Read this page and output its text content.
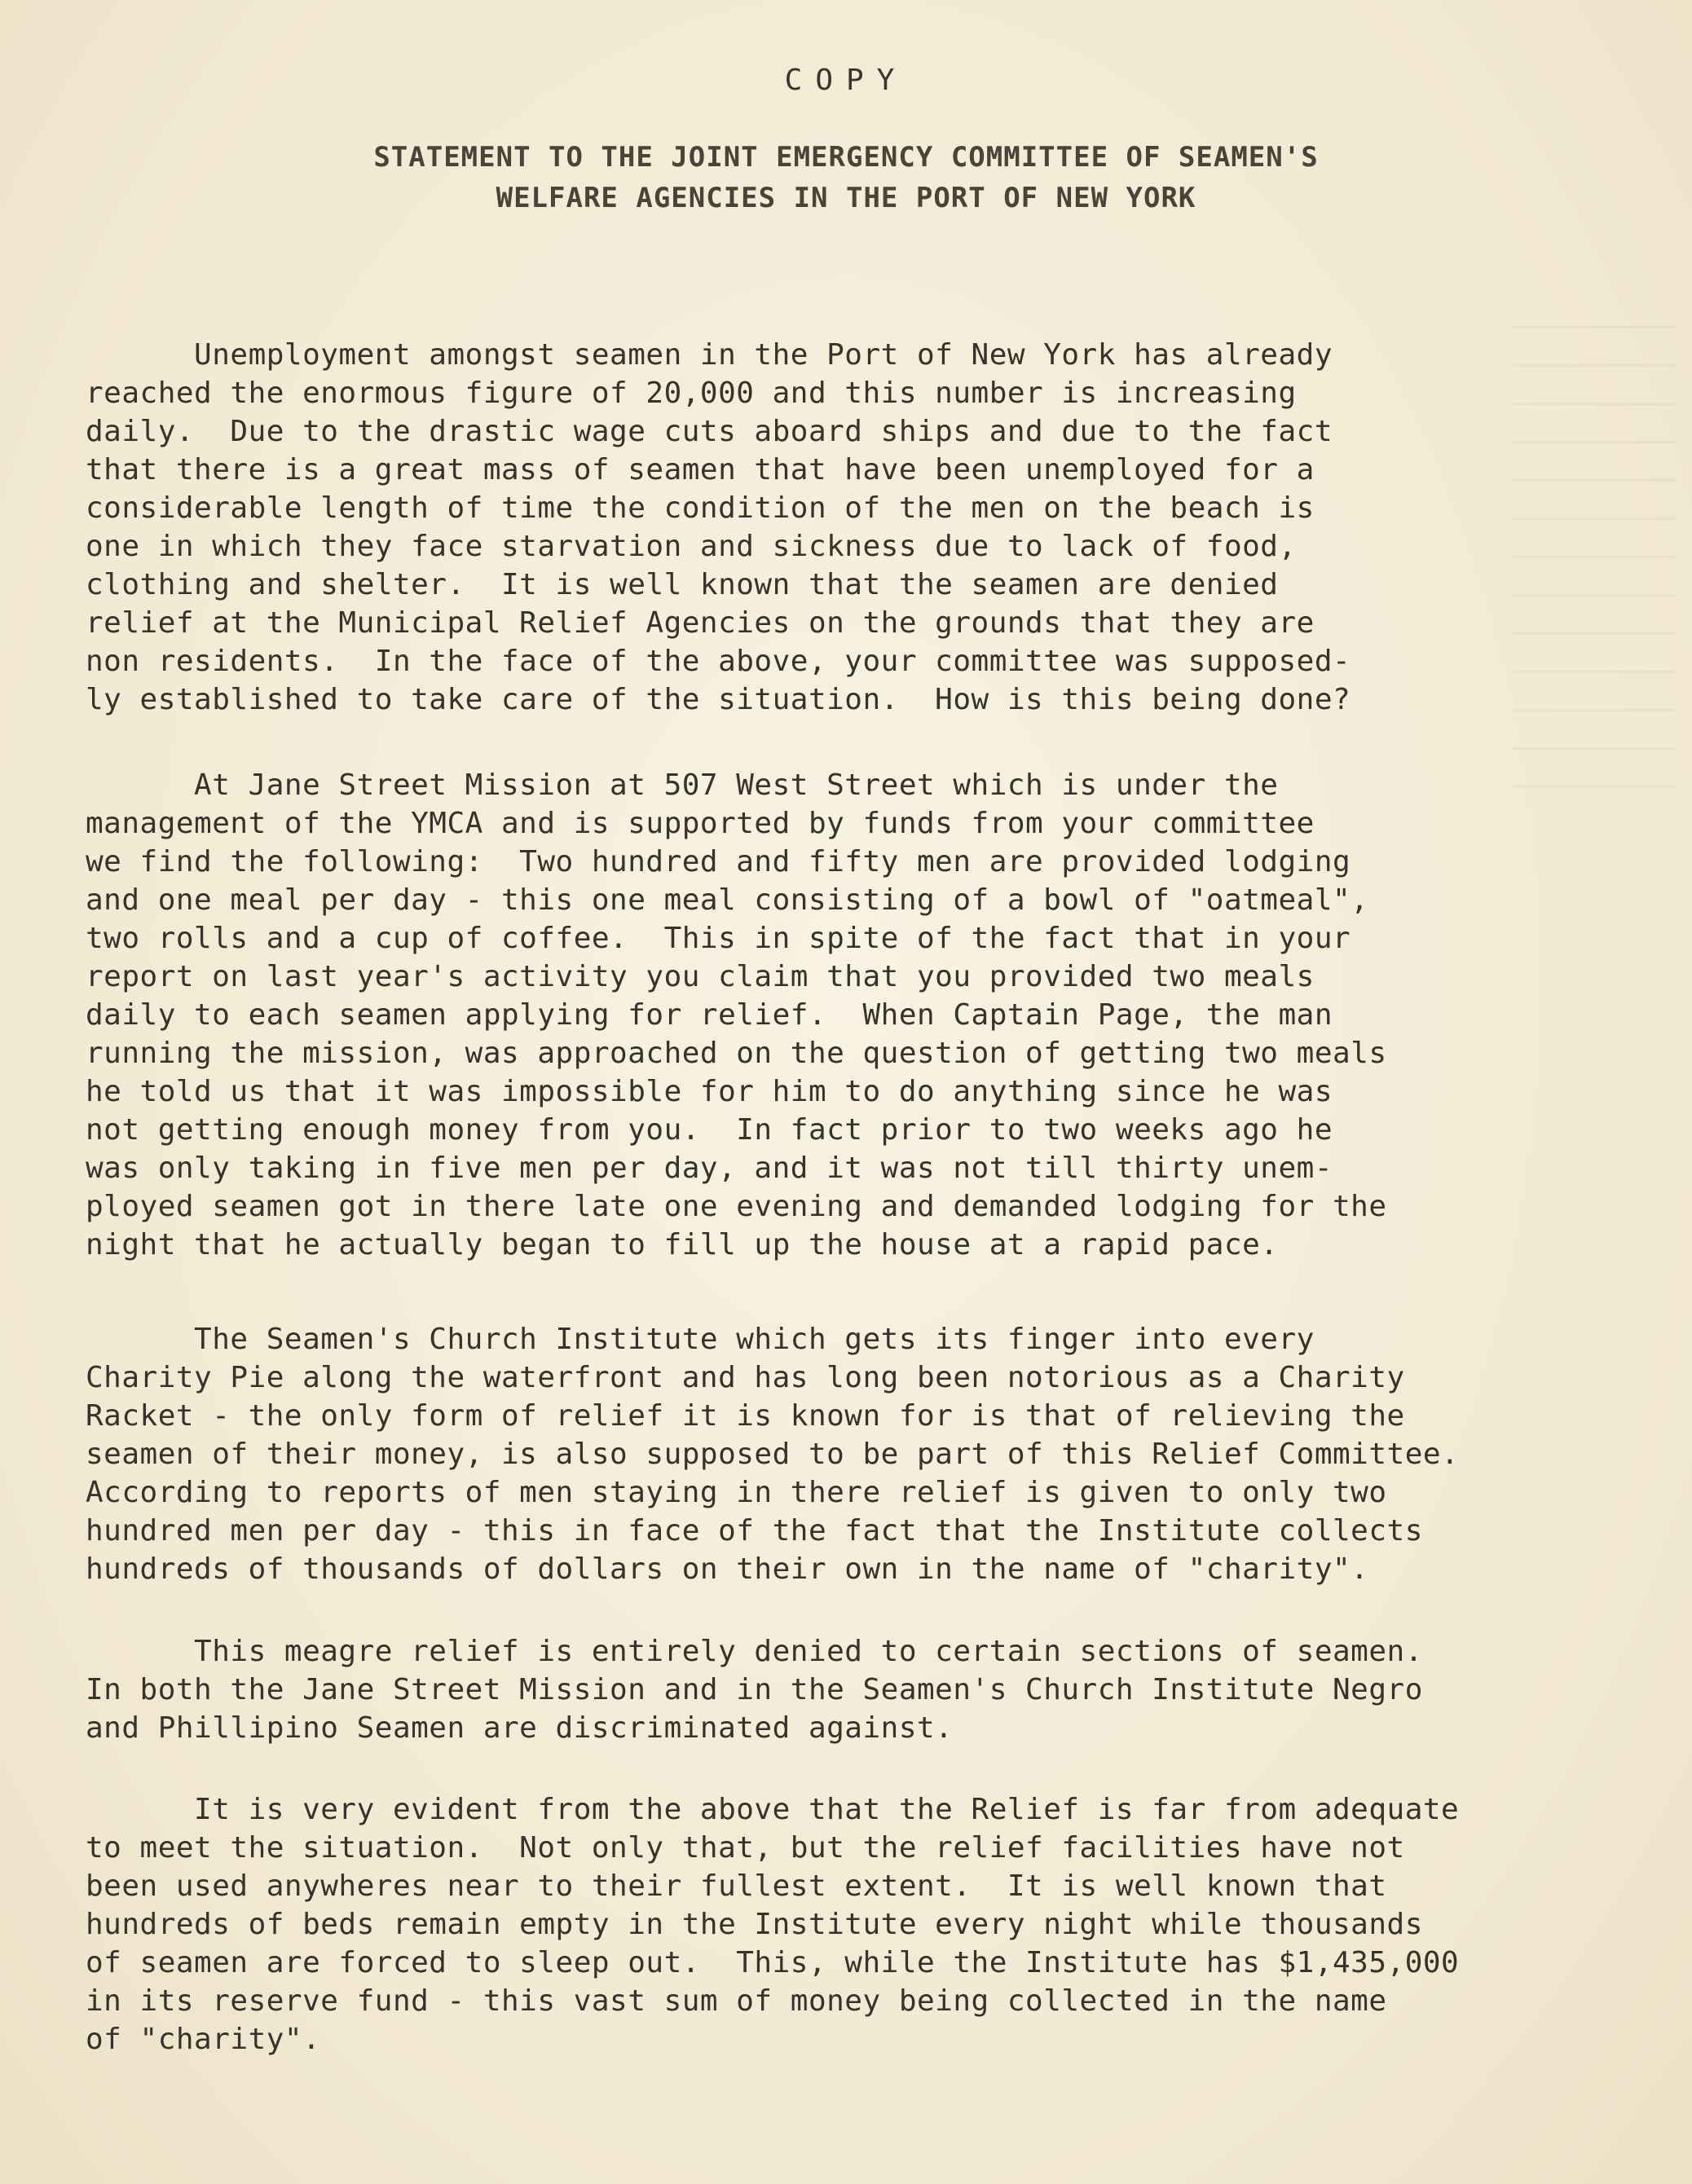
COPY
STATEMENT TO THE JOINT EMERGENCY COMMITTEE OF SEAMEN'S
WELFARE AGENCIES IN THE PORT OF NEW YORK
Unemployment amongst seamen in the Port of New York has already
reached the enormous figure of 20,000 and this number is increasing
daily.  Due to the drastic wage cuts aboard ships and due to the fact
that there is a great mass of seamen that have been unemployed for a
considerable length of time the condition of the men on the beach is
one in which they face starvation and sickness due to lack of food,
clothing and shelter.  It is well known that the seamen are denied
relief at the Municipal Relief Agencies on the grounds that they are
non residents.  In the face of the above, your committee was supposed-
ly established to take care of the situation.  How is this being done?
At Jane Street Mission at 507 West Street which is under the
management of the YMCA and is supported by funds from your committee
we find the following:  Two hundred and fifty men are provided lodging
and one meal per day - this one meal consisting of a bowl of "oatmeal",
two rolls and a cup of coffee.  This in spite of the fact that in your
report on last year's activity you claim that you provided two meals
daily to each seamen applying for relief.  When Captain Page, the man
running the mission, was approached on the question of getting two meals
he told us that it was impossible for him to do anything since he was
not getting enough money from you.  In fact prior to two weeks ago he
was only taking in five men per day, and it was not till thirty unem-
ployed seamen got in there late one evening and demanded lodging for the
night that he actually began to fill up the house at a rapid pace.
The Seamen's Church Institute which gets its finger into every
Charity Pie along the waterfront and has long been notorious as a Charity
Racket - the only form of relief it is known for is that of relieving the
seamen of their money, is also supposed to be part of this Relief Committee.
According to reports of men staying in there relief is given to only two
hundred men per day - this in face of the fact that the Institute collects
hundreds of thousands of dollars on their own in the name of "charity".
This meagre relief is entirely denied to certain sections of seamen.
In both the Jane Street Mission and in the Seamen's Church Institute Negro
and Phillipino Seamen are discriminated against.
It is very evident from the above that the Relief is far from adequate
to meet the situation.  Not only that, but the relief facilities have not
been used anywheres near to their fullest extent.  It is well known that
hundreds of beds remain empty in the Institute every night while thousands
of seamen are forced to sleep out.  This, while the Institute has $1,435,000
in its reserve fund - this vast sum of money being collected in the name
of "charity".
